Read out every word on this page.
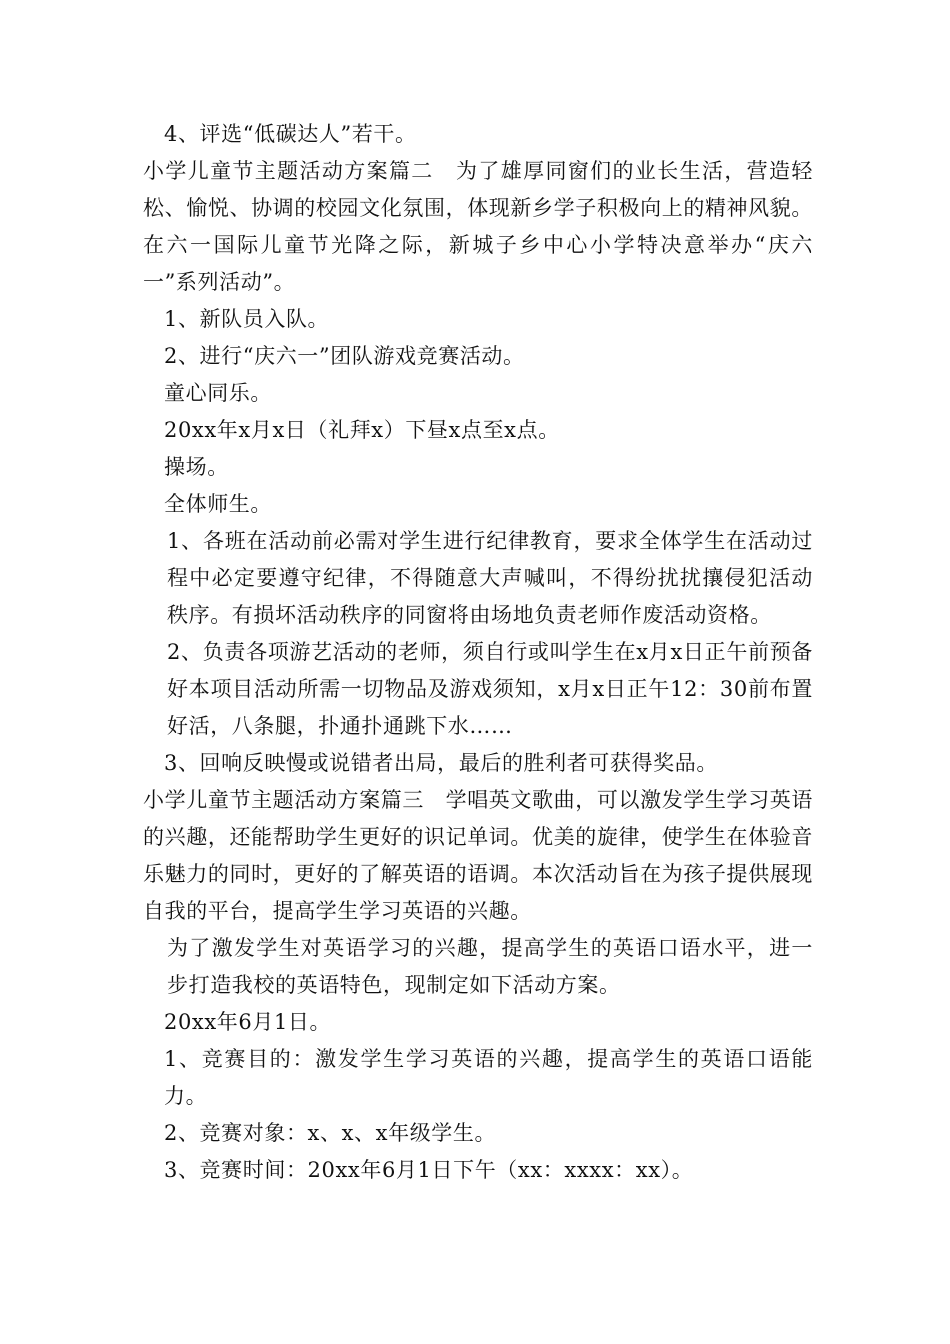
4、评选“低碳达人”若干。

小学儿童节主题活动方案篇二　为了雄厚同窗们的业长生活，营造轻松、愉悦、协调的校园文化氛围，体现新乡学子积极向上的精神风貌。在六一国际儿童节光降之际，新城子乡中心小学特决意举办“庆六一”系列活动”。

1、新队员入队。

2、进行“庆六一”团队游戏竞赛活动。

童心同乐。

20xx年x月x日（礼拜x）下昼x点至x点。

操场。

全体师生。

1、各班在活动前必需对学生进行纪律教育，要求全体学生在活动过程中必定要遵守纪律，不得随意大声喊叫，不得纷扰扰攘侵犯活动秩序。有损坏活动秩序的同窗将由场地负责老师作废活动资格。

2、负责各项游艺活动的老师，须自行或叫学生在x月x日正午前预备好本项目活动所需一切物品及游戏须知，x月x日正午12：30前布置好活，八条腿，扑通扑通跳下水……

3、回响反映慢或说错者出局，最后的胜利者可获得奖品。

小学儿童节主题活动方案篇三　学唱英文歌曲，可以激发学生学习英语的兴趣，还能帮助学生更好的识记单词。优美的旋律，使学生在体验音乐魅力的同时，更好的了解英语的语调。本次活动旨在为孩子提供展现自我的平台，提高学生学习英语的兴趣。

为了激发学生对英语学习的兴趣，提高学生的英语口语水平，进一步打造我校的英语特色，现制定如下活动方案。

20xx年6月1日。

1、竞赛目的：激发学生学习英语的兴趣，提高学生的英语口语能力。

2、竞赛对象：x、x、x年级学生。

3、竞赛时间：20xx年6月1日下午（xx：xxxx：xx）。
